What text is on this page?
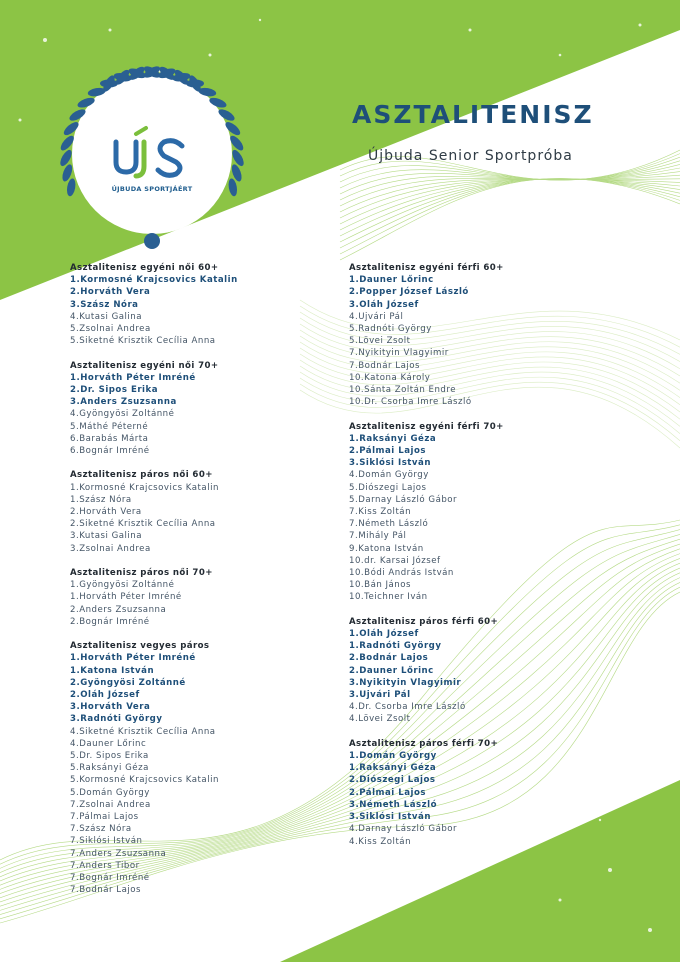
ÚJBUDA SPORTJÁÉRT
ASZTALITENISZ
Újbuda Senior Sportpróba
Asztalitenisz egyéni női 60+
1.Kormosné Krajcsovics Katalin
2.Horváth Vera
3.Szász Nóra
4.Kutasi Galina
5.Zsolnai Andrea
5.Siketné Krisztik Cecília Anna
Asztalitenisz egyéni női 70+
1.Horváth Péter Imréné
2.Dr. Sipos Erika
3.Anders Zsuzsanna
4.Gyöngyösi Zoltánné
5.Máthé Péterné
6.Barabás Márta
6.Bognár Imréné
Asztalitenisz páros női 60+
1.Kormosné Krajcsovics Katalin
1.Szász Nóra
2.Horváth Vera
2.Siketné Krisztik Cecília Anna
3.Kutasi Galina
3.Zsolnai Andrea
Asztalitenisz páros női 70+
1.Gyöngyösi Zoltánné
1.Horváth Péter Imréné
2.Anders Zsuzsanna
2.Bognár Imréné
Asztalitenisz vegyes páros
1.Horváth Péter Imréné
1.Katona István
2.Gyöngyösi Zoltánné
2.Oláh József
3.Horváth Vera
3.Radnóti György
4.Siketné Krisztik Cecília Anna
4.Dauner Lőrinc
5.Dr. Sipos Erika
5.Raksányi Géza
5.Kormosné Krajcsovics Katalin
5.Domán György
7.Zsolnai Andrea
7.Pálmai Lajos
7.Szász Nóra
7.Siklósi István
7.Anders Zsuzsanna
7.Anders Tibor
7.Bognár Imréné
7.Bodnár Lajos
Asztalitenisz egyéni férfi 60+
1.Dauner Lőrinc
2.Popper József László
3.Oláh József
4.Ujvári Pál
5.Radnóti György
5.Lövei Zsolt
7.Nyikityin Vlagyimir
7.Bodnár Lajos
10.Katona Károly
10.Sánta Zoltán Endre
10.Dr. Csorba Imre László
Asztalitenisz egyéni férfi 70+
1.Raksányi Géza
2.Pálmai Lajos
3.Siklósi István
4.Domán György
5.Diószegi Lajos
5.Darnay László Gábor
7.Kiss Zoltán
7.Németh László
7.Mihály Pál
9.Katona István
10.dr. Karsai József
10.Bódi András István
10.Bán János
10.Teichner Iván
Asztalitenisz páros férfi 60+
1.Oláh József
1.Radnóti György
2.Bodnár Lajos
2.Dauner Lőrinc
3.Nyikityin Vlagyimir
3.Ujvári Pál
4.Dr. Csorba Imre László
4.Lövei Zsolt
Asztalitenisz páros férfi 70+
1.Domán György
1.Raksányi Géza
2.Diószegi Lajos
2.Pálmai Lajos
3.Németh László
3.Siklósi István
4.Darnay László Gábor
4.Kiss Zoltán
